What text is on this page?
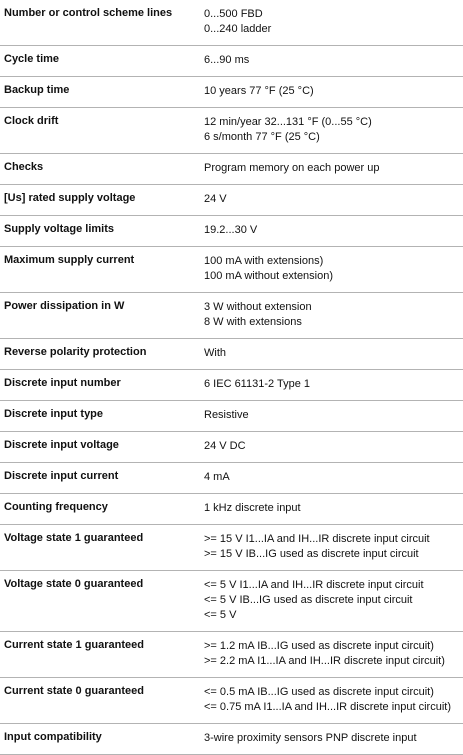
Number or control scheme lines	0...500 FBD
0...240 ladder

Cycle time	6...90 ms

Backup time	10 years 77 °F (25 °C)

Clock drift	12 min/year 32...131 °F (0...55 °C)
6 s/month 77 °F (25 °C)

Checks	Program memory on each power up

[Us] rated supply voltage	24 V

Supply voltage limits	19.2...30 V

Maximum supply current	100 mA with extensions)
100 mA without extension)

Power dissipation in W	3 W without extension
8 W with extensions

Reverse polarity protection	With

Discrete input number	6 IEC 61131-2 Type 1

Discrete input type	Resistive

Discrete input voltage	24 V DC

Discrete input current	4 mA

Counting frequency	1 kHz discrete input

Voltage state 1 guaranteed	>= 15 V I1...IA and IH...IR discrete input circuit
>= 15 V IB...IG used as discrete input circuit

Voltage state 0 guaranteed	<= 5 V I1...IA and IH...IR discrete input circuit
<= 5 V IB...IG used as discrete input circuit
<= 5 V

Current state 1 guaranteed	>= 1.2 mA IB...IG used as discrete input circuit)
>= 2.2 mA I1...IA and IH...IR discrete input circuit)

Current state 0 guaranteed	<= 0.5 mA IB...IG used as discrete input circuit)
<= 0.75 mA I1...IA and IH...IR discrete input circuit)

Input compatibility	3-wire proximity sensors PNP discrete input
